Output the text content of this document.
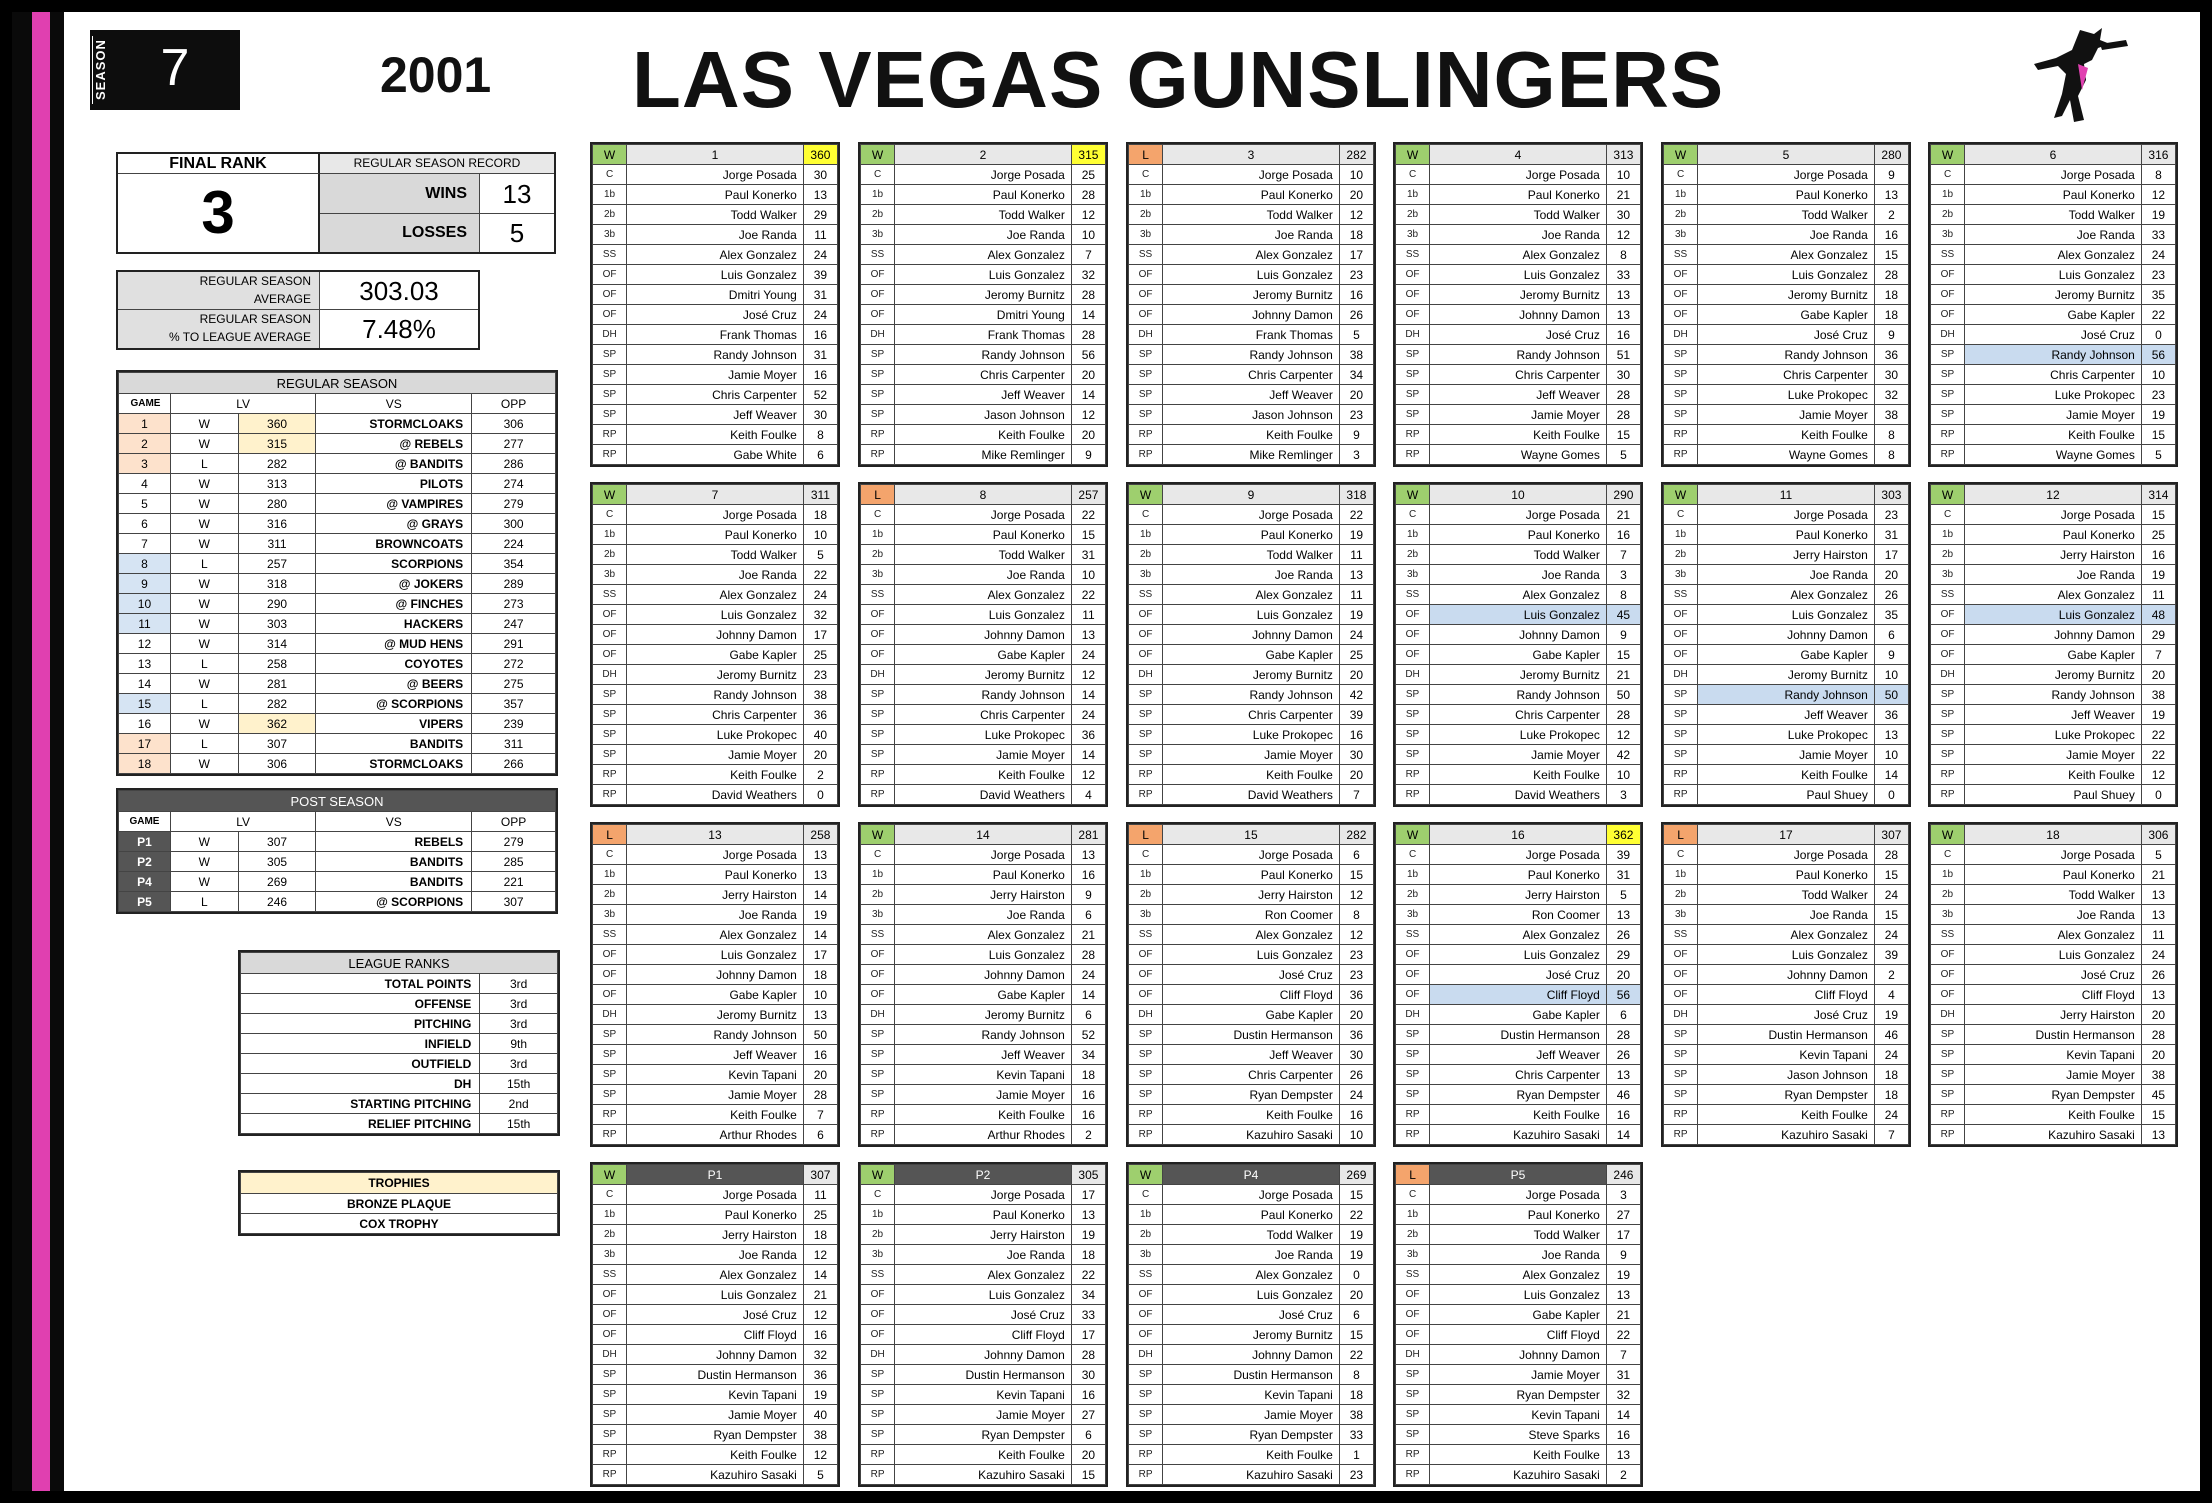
SEASON	7	2001 LAS VEGAS GUNSLINGERS
FINAL RANK
3
REGULAR SEASON RECORD
WINS	13
LOSSES	5
REGULAR SEASON
AVERAGE	303.03
REGULAR SEASON
% TO LEAGUE AVERAGE	7.48%
REGULAR SEASON				
GAME	LV		VS	OPP
1	W	360	STORMCLOAKS	306
2	W	315	@ REBELS	277
3	L	282	@ BANDITS	286
4	W	313	PILOTS	274
5	W	280	@ VAMPIRES	279
6	W	316	@ GRAYS	300
7	W	311	BROWNCOATS	224
8	L	257	SCORPIONS	354
9	W	318	@ JOKERS	289
10	W	290	@ FINCHES	273
11	W	303	HACKERS	247
12	W	314	@ MUD HENS	291
13	L	258	COYOTES	272
14	W	281	@ BEERS	275
15	L	282	@ SCORPIONS	357
16	W	362	VIPERS	239
17	L	307	BANDITS	311
18	W	306	STORMCLOAKS	266
POST SEASON				
GAME	LV		VS	OPP
P1	W	307	REBELS	279
P2	W	305	BANDITS	285
P4	W	269	BANDITS	221
P5	L	246	@ SCORPIONS	307
LEAGUE RANKS	
TOTAL POINTS	3rd
OFFENSE	3rd
PITCHING	3rd
INFIELD	9th
OUTFIELD	3rd
DH	15th
STARTING PITCHING	2nd
RELIEF PITCHING	15th
TROPHIES
BRONZE PLAQUE
COX TROPHY
W	1	360
C	Jorge Posada	30
1b	Paul Konerko	13
2b	Todd Walker	29
3b	Joe Randa	11
SS	Alex Gonzalez	24
OF	Luis Gonzalez	39
OF	Dmitri Young	31
OF	José Cruz	24
DH	Frank Thomas	16
SP	Randy Johnson	31
SP	Jamie Moyer	16
SP	Chris Carpenter	52
SP	Jeff Weaver	30
RP	Keith Foulke	8
RP	Gabe White	6
W	2	315
C	Jorge Posada	25
1b	Paul Konerko	28
2b	Todd Walker	12
3b	Joe Randa	10
SS	Alex Gonzalez	7
OF	Luis Gonzalez	32
OF	Jeromy Burnitz	28
OF	Dmitri Young	14
DH	Frank Thomas	28
SP	Randy Johnson	56
SP	Chris Carpenter	20
SP	Jeff Weaver	14
SP	Jason Johnson	12
RP	Keith Foulke	20
RP	Mike Remlinger	9
L	3	282
C	Jorge Posada	10
1b	Paul Konerko	20
2b	Todd Walker	12
3b	Joe Randa	18
SS	Alex Gonzalez	17
OF	Luis Gonzalez	23
OF	Jeromy Burnitz	16
OF	Johnny Damon	26
DH	Frank Thomas	5
SP	Randy Johnson	38
SP	Chris Carpenter	34
SP	Jeff Weaver	20
SP	Jason Johnson	23
RP	Keith Foulke	9
RP	Mike Remlinger	3
W	4	313
C	Jorge Posada	10
1b	Paul Konerko	21
2b	Todd Walker	30
3b	Joe Randa	12
SS	Alex Gonzalez	8
OF	Luis Gonzalez	33
OF	Jeromy Burnitz	13
OF	Johnny Damon	13
DH	José Cruz	16
SP	Randy Johnson	51
SP	Chris Carpenter	30
SP	Jeff Weaver	28
SP	Jamie Moyer	28
RP	Keith Foulke	15
RP	Wayne Gomes	5
W	5	280
C	Jorge Posada	9
1b	Paul Konerko	13
2b	Todd Walker	2
3b	Joe Randa	16
SS	Alex Gonzalez	15
OF	Luis Gonzalez	28
OF	Jeromy Burnitz	18
OF	Gabe Kapler	18
DH	José Cruz	9
SP	Randy Johnson	36
SP	Chris Carpenter	30
SP	Luke Prokopec	32
SP	Jamie Moyer	38
RP	Keith Foulke	8
RP	Wayne Gomes	8
W	6	316
C	Jorge Posada	8
1b	Paul Konerko	12
2b	Todd Walker	19
3b	Joe Randa	33
SS	Alex Gonzalez	24
OF	Luis Gonzalez	23
OF	Jeromy Burnitz	35
OF	Gabe Kapler	22
DH	José Cruz	0
SP	Randy Johnson	56
SP	Chris Carpenter	10
SP	Luke Prokopec	23
SP	Jamie Moyer	19
RP	Keith Foulke	15
RP	Wayne Gomes	5
W	7	311
C	Jorge Posada	18
1b	Paul Konerko	10
2b	Todd Walker	5
3b	Joe Randa	22
SS	Alex Gonzalez	24
OF	Luis Gonzalez	32
OF	Johnny Damon	17
OF	Gabe Kapler	25
DH	Jeromy Burnitz	23
SP	Randy Johnson	38
SP	Chris Carpenter	36
SP	Luke Prokopec	40
SP	Jamie Moyer	20
RP	Keith Foulke	2
RP	David Weathers	0
L	8	257
C	Jorge Posada	22
1b	Paul Konerko	15
2b	Todd Walker	31
3b	Joe Randa	10
SS	Alex Gonzalez	22
OF	Luis Gonzalez	11
OF	Johnny Damon	13
OF	Gabe Kapler	24
DH	Jeromy Burnitz	12
SP	Randy Johnson	14
SP	Chris Carpenter	24
SP	Luke Prokopec	36
SP	Jamie Moyer	14
RP	Keith Foulke	12
RP	David Weathers	4
W	9	318
C	Jorge Posada	22
1b	Paul Konerko	19
2b	Todd Walker	11
3b	Joe Randa	13
SS	Alex Gonzalez	11
OF	Luis Gonzalez	19
OF	Johnny Damon	24
OF	Gabe Kapler	25
DH	Jeromy Burnitz	20
SP	Randy Johnson	42
SP	Chris Carpenter	39
SP	Luke Prokopec	16
SP	Jamie Moyer	30
RP	Keith Foulke	20
RP	David Weathers	7
W	10	290
C	Jorge Posada	21
1b	Paul Konerko	16
2b	Todd Walker	7
3b	Joe Randa	3
SS	Alex Gonzalez	8
OF	Luis Gonzalez	45
OF	Johnny Damon	9
OF	Gabe Kapler	15
DH	Jeromy Burnitz	21
SP	Randy Johnson	50
SP	Chris Carpenter	28
SP	Luke Prokopec	12
SP	Jamie Moyer	42
RP	Keith Foulke	10
RP	David Weathers	3
W	11	303
C	Jorge Posada	23
1b	Paul Konerko	31
2b	Jerry Hairston	17
3b	Joe Randa	20
SS	Alex Gonzalez	26
OF	Luis Gonzalez	35
OF	Johnny Damon	6
OF	Gabe Kapler	9
DH	Jeromy Burnitz	10
SP	Randy Johnson	50
SP	Jeff Weaver	36
SP	Luke Prokopec	13
SP	Jamie Moyer	10
RP	Keith Foulke	14
RP	Paul Shuey	0
W	12	314
C	Jorge Posada	15
1b	Paul Konerko	25
2b	Jerry Hairston	16
3b	Joe Randa	19
SS	Alex Gonzalez	11
OF	Luis Gonzalez	48
OF	Johnny Damon	29
OF	Gabe Kapler	7
DH	Jeromy Burnitz	20
SP	Randy Johnson	38
SP	Jeff Weaver	19
SP	Luke Prokopec	22
SP	Jamie Moyer	22
RP	Keith Foulke	12
RP	Paul Shuey	0
L	13	258
C	Jorge Posada	13
1b	Paul Konerko	13
2b	Jerry Hairston	14
3b	Joe Randa	19
SS	Alex Gonzalez	14
OF	Luis Gonzalez	17
OF	Johnny Damon	18
OF	Gabe Kapler	10
DH	Jeromy Burnitz	13
SP	Randy Johnson	50
SP	Jeff Weaver	16
SP	Kevin Tapani	20
SP	Jamie Moyer	28
RP	Keith Foulke	7
RP	Arthur Rhodes	6
W	14	281
C	Jorge Posada	13
1b	Paul Konerko	16
2b	Jerry Hairston	9
3b	Joe Randa	6
SS	Alex Gonzalez	21
OF	Luis Gonzalez	28
OF	Johnny Damon	24
OF	Gabe Kapler	14
DH	Jeromy Burnitz	6
SP	Randy Johnson	52
SP	Jeff Weaver	34
SP	Kevin Tapani	18
SP	Jamie Moyer	16
RP	Keith Foulke	16
RP	Arthur Rhodes	2
L	15	282
C	Jorge Posada	6
1b	Paul Konerko	15
2b	Jerry Hairston	12
3b	Ron Coomer	8
SS	Alex Gonzalez	12
OF	Luis Gonzalez	23
OF	José Cruz	23
OF	Cliff Floyd	36
DH	Gabe Kapler	20
SP	Dustin Hermanson	36
SP	Jeff Weaver	30
SP	Chris Carpenter	26
SP	Ryan Dempster	24
RP	Keith Foulke	16
RP	Kazuhiro Sasaki	10
W	16	362
C	Jorge Posada	39
1b	Paul Konerko	31
2b	Jerry Hairston	5
3b	Ron Coomer	13
SS	Alex Gonzalez	26
OF	Luis Gonzalez	29
OF	José Cruz	20
OF	Cliff Floyd	56
DH	Gabe Kapler	6
SP	Dustin Hermanson	28
SP	Jeff Weaver	26
SP	Chris Carpenter	13
SP	Ryan Dempster	46
RP	Keith Foulke	16
RP	Kazuhiro Sasaki	14
L	17	307
C	Jorge Posada	28
1b	Paul Konerko	15
2b	Todd Walker	24
3b	Joe Randa	15
SS	Alex Gonzalez	24
OF	Luis Gonzalez	39
OF	Johnny Damon	2
OF	Cliff Floyd	4
DH	José Cruz	19
SP	Dustin Hermanson	46
SP	Kevin Tapani	24
SP	Jason Johnson	18
SP	Ryan Dempster	18
RP	Keith Foulke	24
RP	Kazuhiro Sasaki	7
W	18	306
C	Jorge Posada	5
1b	Paul Konerko	21
2b	Todd Walker	13
3b	Joe Randa	13
SS	Alex Gonzalez	11
OF	Luis Gonzalez	24
OF	José Cruz	26
OF	Cliff Floyd	13
DH	Jerry Hairston	20
SP	Dustin Hermanson	28
SP	Kevin Tapani	20
SP	Jamie Moyer	38
SP	Ryan Dempster	45
RP	Keith Foulke	15
RP	Kazuhiro Sasaki	13
W	P1	307
C	Jorge Posada	11
1b	Paul Konerko	25
2b	Jerry Hairston	18
3b	Joe Randa	12
SS	Alex Gonzalez	14
OF	Luis Gonzalez	21
OF	José Cruz	12
OF	Cliff Floyd	16
DH	Johnny Damon	32
SP	Dustin Hermanson	36
SP	Kevin Tapani	19
SP	Jamie Moyer	40
SP	Ryan Dempster	38
RP	Keith Foulke	12
RP	Kazuhiro Sasaki	5
W	P2	305
C	Jorge Posada	17
1b	Paul Konerko	13
2b	Jerry Hairston	19
3b	Joe Randa	18
SS	Alex Gonzalez	22
OF	Luis Gonzalez	34
OF	José Cruz	33
OF	Cliff Floyd	17
DH	Johnny Damon	28
SP	Dustin Hermanson	30
SP	Kevin Tapani	16
SP	Jamie Moyer	27
SP	Ryan Dempster	6
RP	Keith Foulke	20
RP	Kazuhiro Sasaki	15
W	P4	269
C	Jorge Posada	15
1b	Paul Konerko	22
2b	Todd Walker	19
3b	Joe Randa	19
SS	Alex Gonzalez	0
OF	Luis Gonzalez	20
OF	José Cruz	6
OF	Jeromy Burnitz	15
DH	Johnny Damon	22
SP	Dustin Hermanson	8
SP	Kevin Tapani	18
SP	Jamie Moyer	38
SP	Ryan Dempster	33
RP	Keith Foulke	1
RP	Kazuhiro Sasaki	23
L	P5	246
C	Jorge Posada	3
1b	Paul Konerko	27
2b	Todd Walker	17
3b	Joe Randa	9
SS	Alex Gonzalez	19
OF	Luis Gonzalez	13
OF	Gabe Kapler	21
OF	Cliff Floyd	22
DH	Johnny Damon	7
SP	Jamie Moyer	31
SP	Ryan Dempster	32
SP	Kevin Tapani	14
SP	Steve Sparks	16
RP	Keith Foulke	13
RP	Kazuhiro Sasaki	2
